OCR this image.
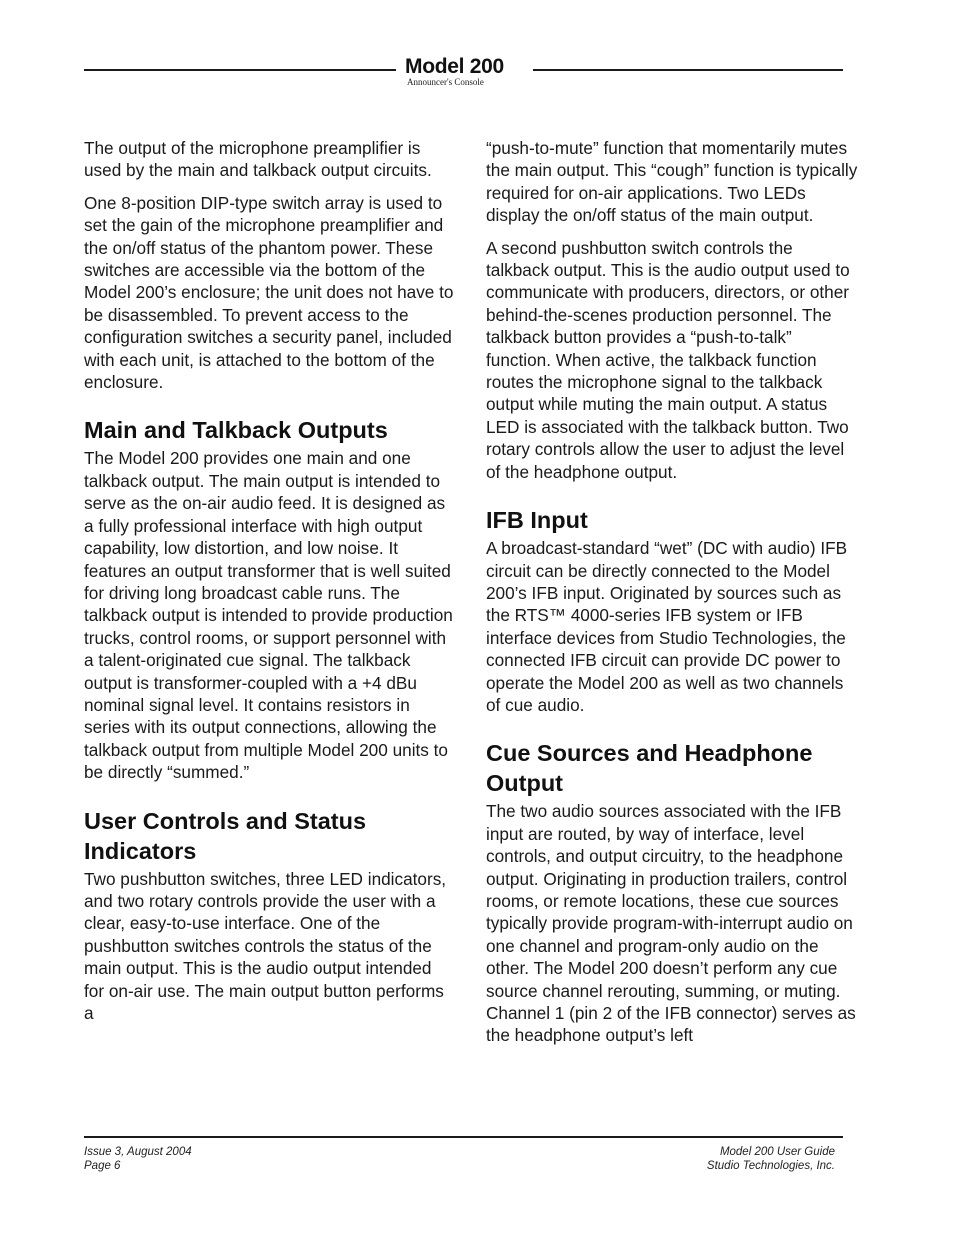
Model 200
Announcer's Console

The output of the microphone preamplifier is used by the main and talkback output circuits.

One 8-position DIP-type switch array is used to set the gain of the microphone preamplifier and the on/off status of the phantom power. These switches are accessible via the bottom of the Model 200’s enclosure; the unit does not have to be disassembled. To prevent access to the configuration switches a security panel, included with each unit, is attached to the bottom of the enclosure.

Main and Talkback Outputs

The Model 200 provides one main and one talkback output. The main output is intended to serve as the on-air audio feed. It is designed as a fully professional interface with high output capability, low distortion, and low noise. It features an output transformer that is well suited for driving long broadcast cable runs. The talkback output is intended to provide production trucks, control rooms, or support personnel with a talent-originated cue signal. The talkback output is transformer-coupled with a +4 dBu nominal signal level. It contains resistors in series with its output connections, allowing the talkback output from multiple Model 200 units to be directly “summed.”

User Controls and Status Indicators

Two pushbutton switches, three LED indicators, and two rotary controls provide the user with a clear, easy-to-use interface. One of the pushbutton switches controls the status of the main output. This is the audio output intended for on-air use. The main output button performs a

“push-to-mute” function that momentarily mutes the main output. This “cough” function is typically required for on-air applications. Two LEDs display the on/off status of the main output.

A second pushbutton switch controls the talkback output. This is the audio output used to communicate with producers, directors, or other behind-the-scenes production personnel. The talkback button provides a “push-to-talk” function. When active, the talkback function routes the microphone signal to the talkback output while muting the main output. A status LED is associated with the talkback button. Two rotary controls allow the user to adjust the level of the headphone output.

IFB Input

A broadcast-standard “wet” (DC with audio) IFB circuit can be directly connected to the Model 200’s IFB input. Originated by sources such as the RTS™ 4000-series IFB system or IFB interface devices from Studio Technologies, the connected IFB circuit can provide DC power to operate the Model 200 as well as two channels of cue audio.

Cue Sources and Headphone Output

The two audio sources associated with the IFB input are routed, by way of interface, level controls, and output circuitry, to the headphone output. Originating in production trailers, control rooms, or remote locations, these cue sources typically provide program-with-interrupt audio on one channel and program-only audio on the other. The Model 200 doesn’t perform any cue source channel rerouting, summing, or muting. Channel 1 (pin 2 of the IFB connector) serves as the headphone output’s left

Issue 3, August 2004
Page 6
Model 200 User Guide
Studio Technologies, Inc.
